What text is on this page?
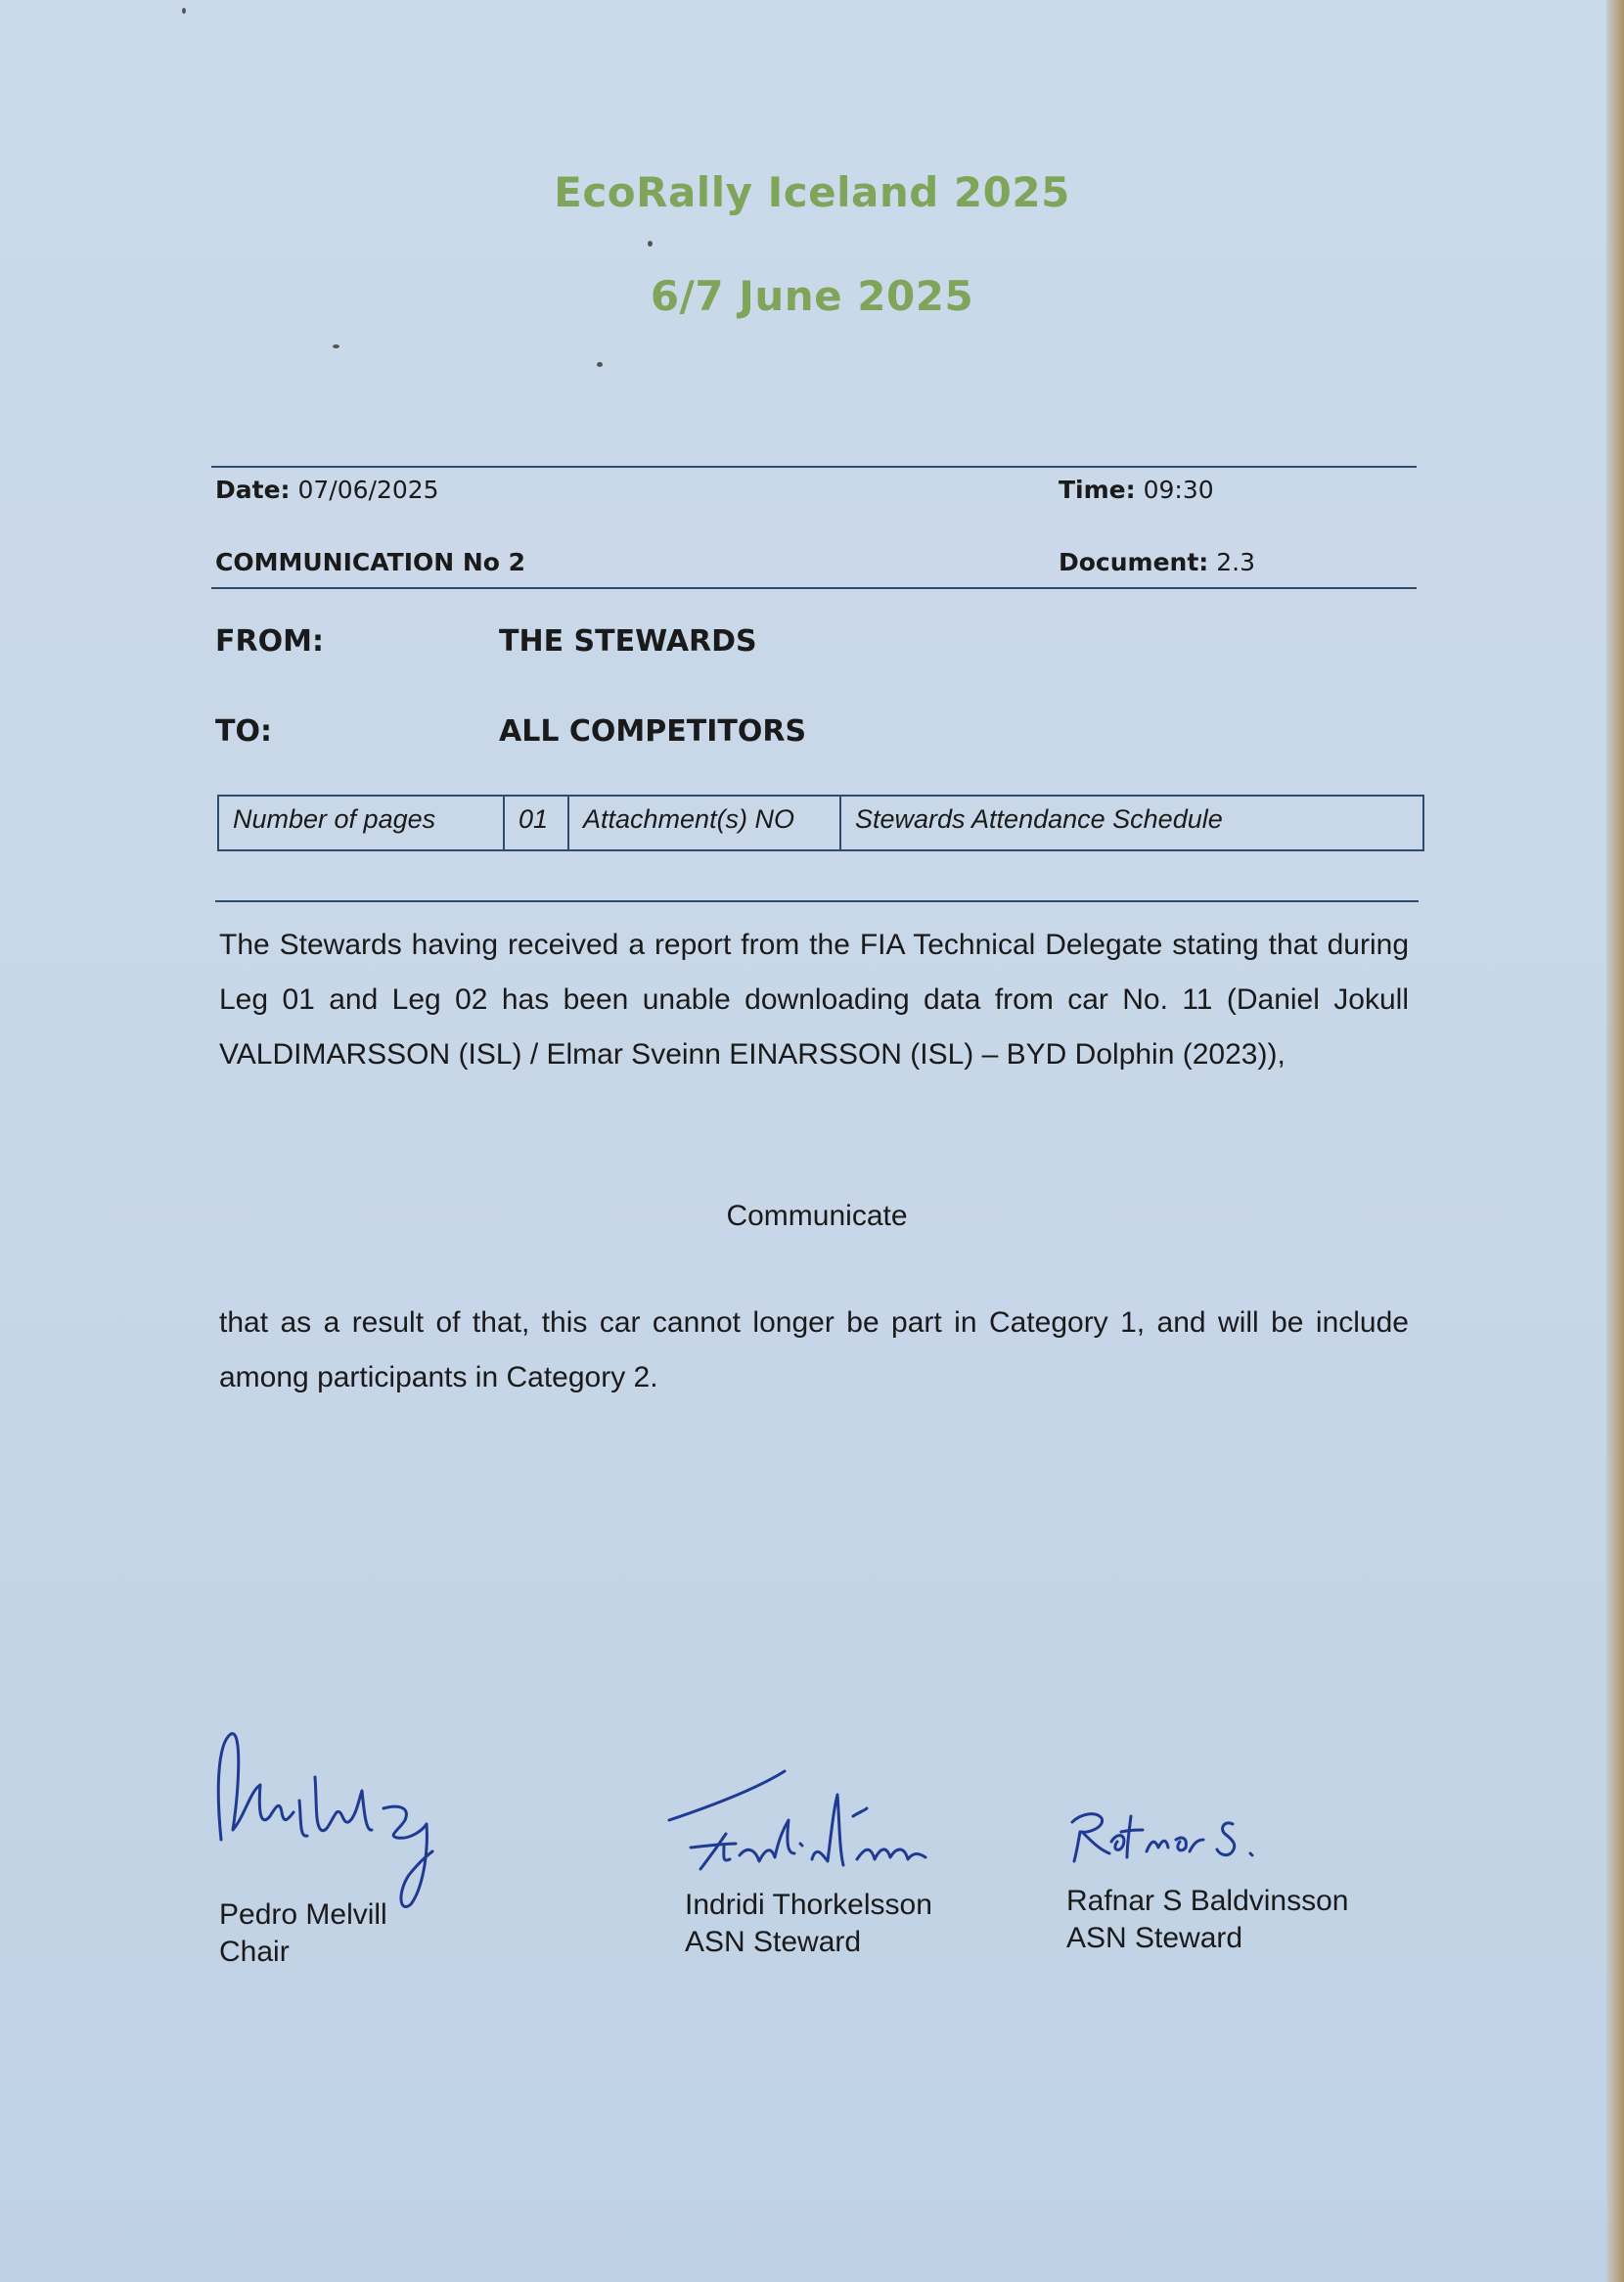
EcoRally Iceland 2025
6/7 June 2025
Date: 07/06/2025	Time: 09:30
COMMUNICATION No 2	Document: 2.3
FROM:	THE STEWARDS
TO:	ALL COMPETITORS
Number of pages	01	Attachment(s) NO	Stewards Attendance Schedule
The Stewards having received a report from the FIA Technical Delegate stating that during Leg 01 and Leg 02 has been unable downloading data from car No. 11 (Daniel Jokull VALDIMARSSON (ISL) / Elmar Sveinn EINARSSON (ISL) – BYD Dolphin (2023)),
Communicate
that as a result of that, this car cannot longer be part in Category 1, and will be include among participants in Category 2.
Pedro Melvill
Chair
Indridi Thorkelsson
ASN Steward
Rafnar S Baldvinsson
ASN Steward
